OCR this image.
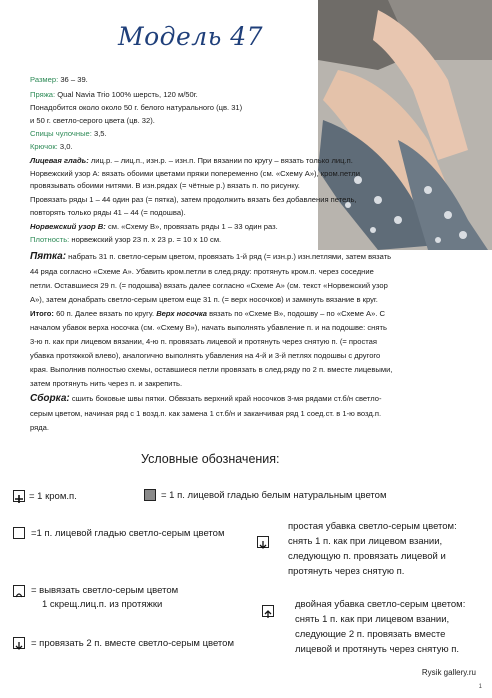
Модель 47
Размер: 36 – 39.
Пряжа: Qual Navia Trio 100% шерсть, 120 м/50г.
Понадобится около около 50 г. белого натурального (цв. 31)
и 50 г. светло-серого цвета (цв. 32).
Спицы чулочные: 3,5.
Крючок: 3,0.
Лицевая гладь: лиц.р. – лиц.п., изн.р. – изн.п. При вязании по кругу – вязать только лиц.п.
Норвежский узор А: вязать обоими цветами пряжи попеременно (см. «Схему А»), кром.петли
провязывать обоими нитями. В изн.рядах (= чётные р.) вязать п. по рисунку.
Провязать ряды 1 – 44 один раз (= пятка), затем продолжить вязать без добавления петель,
повторять только ряды 41 – 44 (= подошва).
Норвежский узор В: см. «Схему В», провязать ряды 1 – 33 один раз.
Плотность: норвежский узор 23 п. х 23 р. = 10 х 10 см.
Пятка: набрать 31 п. светло-серым цветом, провязать 1-й ряд (= изн.р.) изн.петлями, затем вязать
44 ряда согласно «Схеме А». Убавить кром.петли в след.ряду: протянуть кром.п. через соседние
петли. Оставшиеся 29 п. (= подошва) вязать далее согласно «Схеме А» (см. текст «Норвежский узор
А»), затем донабрать светло-серым цветом еще 31 п. (= верх носочков) и замкнуть вязание в круг.
Итого: 60 п. Далее вязать по кругу. Верх носочка вязать по «Схеме В», подошву – по «Схеме А». С
началом убавок верха носочка (см. «Схему В»), начать выполнять убавление п. и на подошве: снять
3-ю п. как при лицевом вязании, 4-ю п. провязать лицевой и протянуть через снятую п. (= простая
убавка протяжкой влево), аналогично выполнять убавления на 4-й и 3-й петлях подошвы с другого
края. Выполнив полностью схемы, оставшиеся петли провязать в след.ряду по 2 п. вместе лицевыми,
затем протянуть нить через п. и закрепить.
Сборка: сшить боковые швы пятки. Обвязать верхний край носочков 3-мя рядами ст.б/н светло-
серым цветом, начиная ряд с 1 возд.п. как замена 1 ст.б/н и заканчивая ряд 1 соед.ст. в 1-ю возд.п.
ряда.
Условные обозначения:
= 1 кром.п.	= 1 п. лицевой гладью белым натуральным цветом
=1 п. лицевой гладью светло-серым цветом
простая убавка светло-серым цветом:
снять 1 п. как при лицевом взании,
следующую п. провязать лицевой и
протянуть через снятую п.
= вывязать светло-серым цветом
1 скрещ.лиц.п. из протяжки	двойная убавка светло-серым цветом:
снять 1 п. как при лицевом взании,
следующие 2 п. провязать вместе
лицевой и протянуть через снятую п.
= провязать 2 п. вместе светло-серым цветом
Rysik gallery.ru
1
